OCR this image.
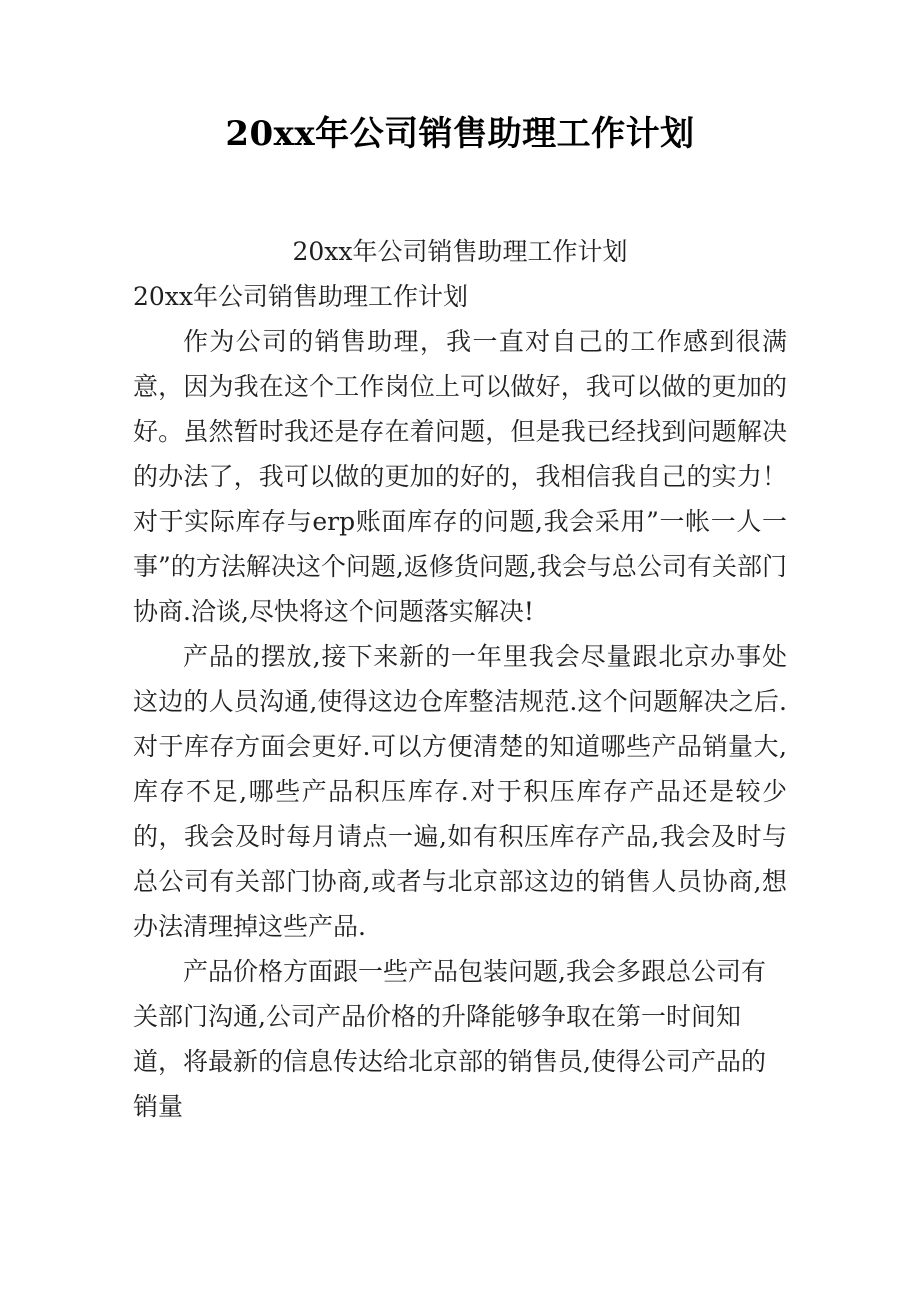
20xx年公司销售助理工作计划

20xx年公司销售助理工作计划

20xx年公司销售助理工作计划

作为公司的销售助理，我一直对自己的工作感到很满意，因为我在这个工作岗位上可以做好，我可以做的更加的好。虽然暂时我还是存在着问题，但是我已经找到问题解决的办法了，我可以做的更加的好的，我相信我自己的实力！对于实际库存与erp账面库存的问题,我会采用”一帐一人一事”的方法解决这个问题,返修货问题,我会与总公司有关部门协商.洽谈,尽快将这个问题落实解决!

产品的摆放,接下来新的一年里我会尽量跟北京办事处这边的人员沟通,使得这边仓库整洁规范.这个问题解决之后.对于库存方面会更好.可以方便清楚的知道哪些产品销量大,库存不足,哪些产品积压库存.对于积压库存产品还是较少的，我会及时每月请点一遍,如有积压库存产品,我会及时与总公司有关部门协商,或者与北京部这边的销售人员协商,想办法清理掉这些产品.

产品价格方面跟一些产品包装问题,我会多跟总公司有关部门沟通,公司产品价格的升降能够争取在第一时间知道，将最新的信息传达给北京部的销售员,使得公司产品的销量
